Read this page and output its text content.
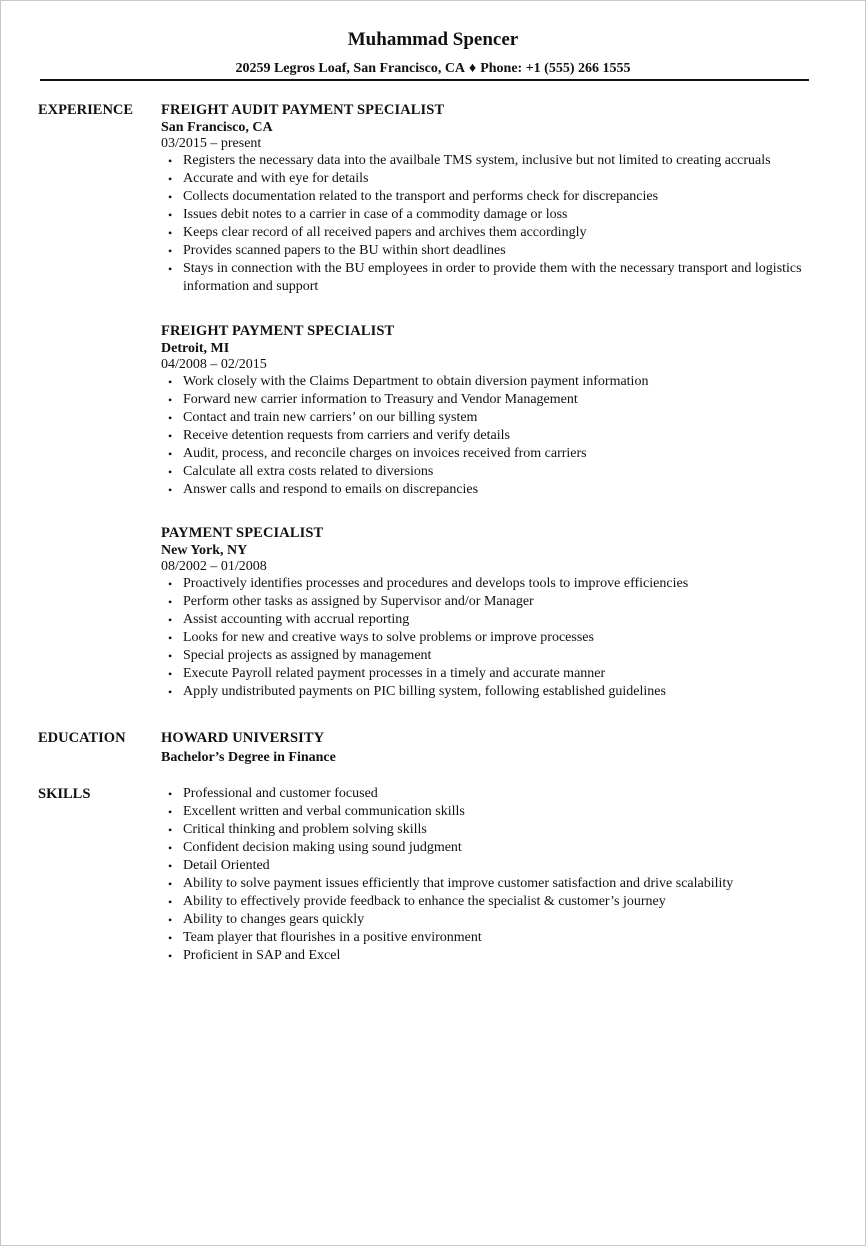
Muhammad Spencer
20259 Legros Loaf, San Francisco, CA ♦ Phone: +1 (555) 266 1555
EXPERIENCE FREIGHT AUDIT PAYMENT SPECIALIST
San Francisco, CA
03/2015 – present
• Registers the necessary data into the availbale TMS system, inclusive but not limited to creating accruals
• Accurate and with eye for details
• Collects documentation related to the transport and performs check for discrepancies
• Issues debit notes to a carrier in case of a commodity damage or loss
• Keeps clear record of all received papers and archives them accordingly
• Provides scanned papers to the BU within short deadlines
• Stays in connection with the BU employees in order to provide them with the necessary transport and logistics information and support
FREIGHT PAYMENT SPECIALIST
Detroit, MI
04/2008 – 02/2015
• Work closely with the Claims Department to obtain diversion payment information
• Forward new carrier information to Treasury and Vendor Management
• Contact and train new carriers’ on our billing system
• Receive detention requests from carriers and verify details
• Audit, process, and reconcile charges on invoices received from carriers
• Calculate all extra costs related to diversions
• Answer calls and respond to emails on discrepancies
PAYMENT SPECIALIST
New York, NY
08/2002 – 01/2008
• Proactively identifies processes and procedures and develops tools to improve efficiencies
• Perform other tasks as assigned by Supervisor and/or Manager
• Assist accounting with accrual reporting
• Looks for new and creative ways to solve problems or improve processes
• Special projects as assigned by management
• Execute Payroll related payment processes in a timely and accurate manner
• Apply undistributed payments on PIC billing system, following established guidelines
EDUCATION HOWARD UNIVERSITY
Bachelor’s Degree in Finance
SKILLS
•	Professional and customer focused
• Excellent written and verbal communication skills
• Critical thinking and problem solving skills
• Confident decision making using sound judgment
• Detail Oriented
• Ability to solve payment issues efficiently that improve customer satisfaction and drive scalability
• Ability to effectively provide feedback to enhance the specialist & customer’s journey
• Ability to changes gears quickly
• Team player that flourishes in a positive environment
• Proficient in SAP and Excel
